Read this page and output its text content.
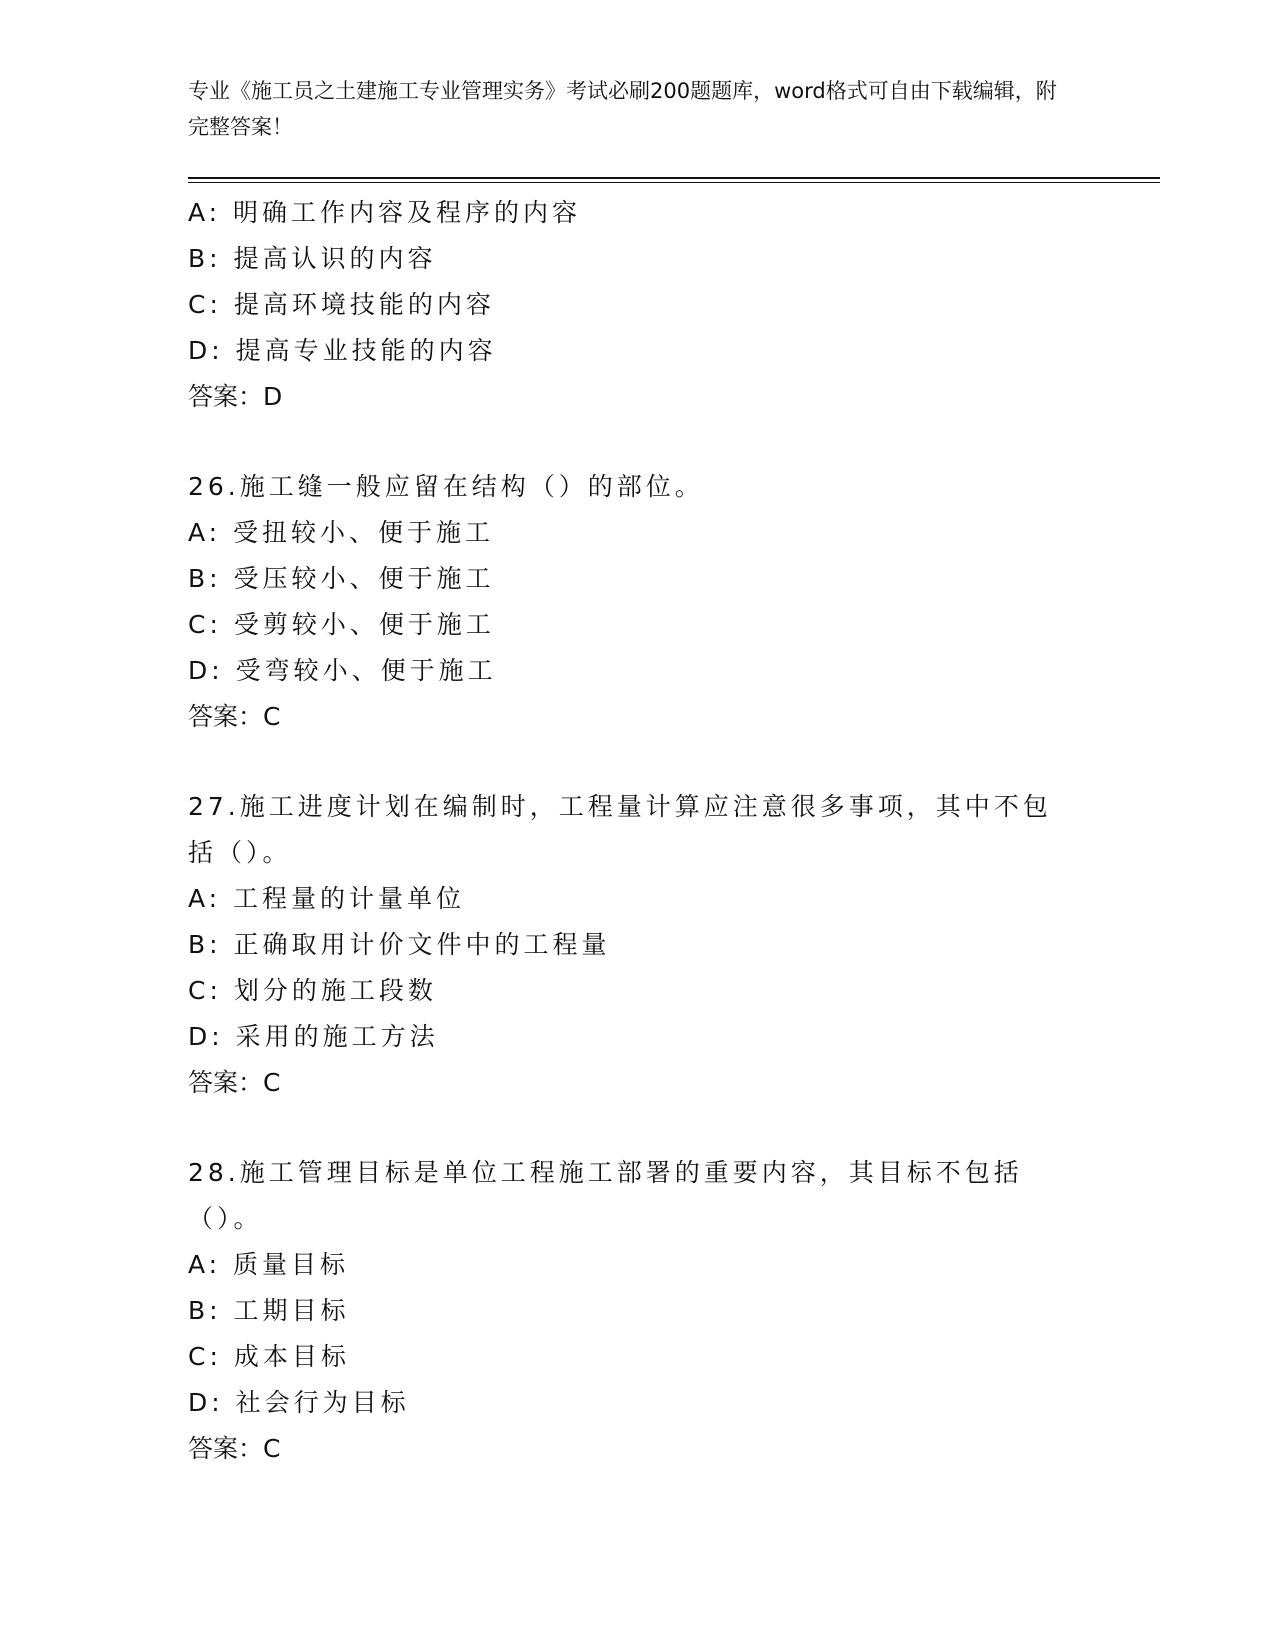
专业《施工员之土建施工专业管理实务》考试必刷200题题库，word格式可自由下载编辑，附完整答案！
A: 明确工作内容及程序的内容
B: 提高认识的内容
C: 提高环境技能的内容
D: 提高专业技能的内容
答案：D
26.施工缝一般应留在结构（）的部位。
A: 受扭较小、便于施工
B: 受压较小、便于施工
C: 受剪较小、便于施工
D: 受弯较小、便于施工
答案：C
27.施工进度计划在编制时，工程量计算应注意很多事项，其中不包括（）。
A: 工程量的计量单位
B: 正确取用计价文件中的工程量
C: 划分的施工段数
D: 采用的施工方法
答案：C
28.施工管理目标是单位工程施工部署的重要内容，其目标不包括（）。
A: 质量目标
B: 工期目标
C: 成本目标
D: 社会行为目标
答案：C
